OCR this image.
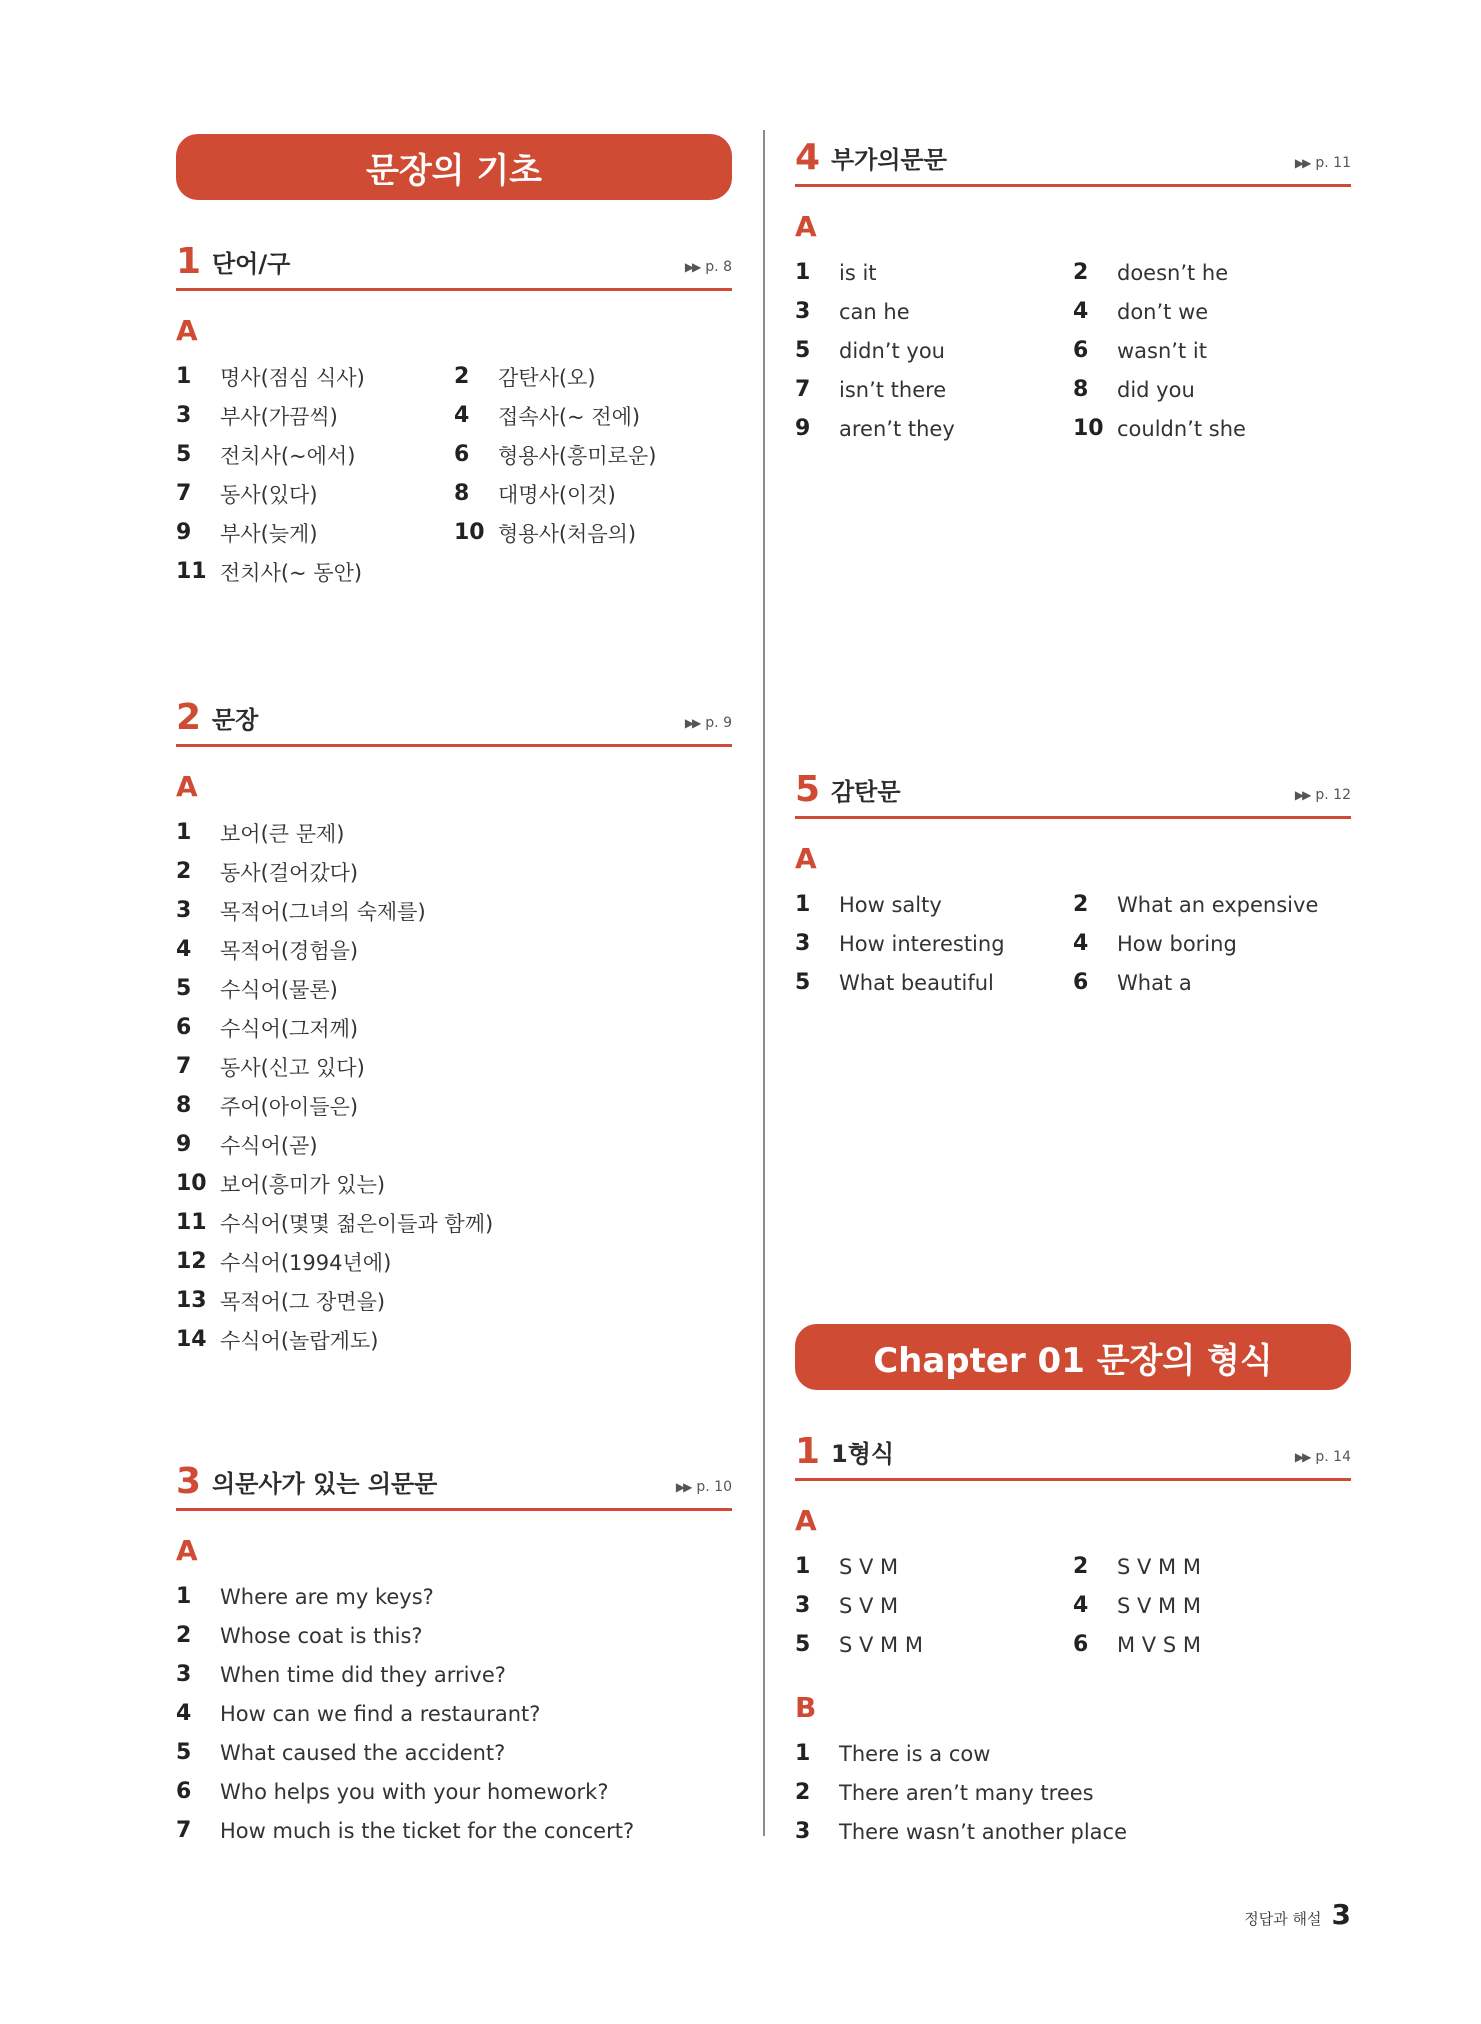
문장의 기초
1 단어/구	▶▶ p. 8
A
1	명사(점심 식사)	2	감탄사(오)
3	부사(가끔씩)	4	접속사(~ 전에)
5	전치사(~에서)	6	형용사(흥미로운)
7	동사(있다)	8	대명사(이것)
9	부사(늦게)	10 형용사(처음의)
11 전치사(~ 동안)
2 문장	▶▶ p. 9
A
1	보어(큰 문제)
2	동사(걸어갔다)
3	목적어(그녀의 숙제를)
4	목적어(경험을)
5	수식어(물론)
6	수식어(그저께)
7	동사(신고 있다)
8	주어(아이들은)
9	수식어(곧)
10 보어(흥미가 있는)
11 수식어(몇몇 젊은이들과 함께)
12 수식어(1994년에)
13 목적어(그 장면을)
14 수식어(놀랍게도)
3 의문사가 있는 의문문	▶▶ p. 10
A
1	Where are my keys?
2	Whose coat is this?
3	When time did they arrive?
4	How can we find a restaurant?
5	What caused the accident?
6	Who helps you with your homework?
7	How much is the ticket for the concert?
4 부가의문문	▶▶ p. 11
A
1	is it	2	doesn’t he
3	can he	4	don’t we
5	didn’t you	6	wasn’t it
7	isn’t there	8	did you
9	aren’t they	10 couldn’t she
5 감탄문	▶▶ p. 12
A
1	How salty	2	What an expensive
3	How interesting	4	How boring
5	What beautiful	6	What a
Chapter 01 문장의 형식
1 1형식	▶▶ p. 14
A
1	S V M	2	S V M M
3	S V M	4	S V M M
5	S V M M	6	M V S M
B
1	There is a cow
2	There aren’t many trees
3	There wasn’t another place
정답과 해설 3
